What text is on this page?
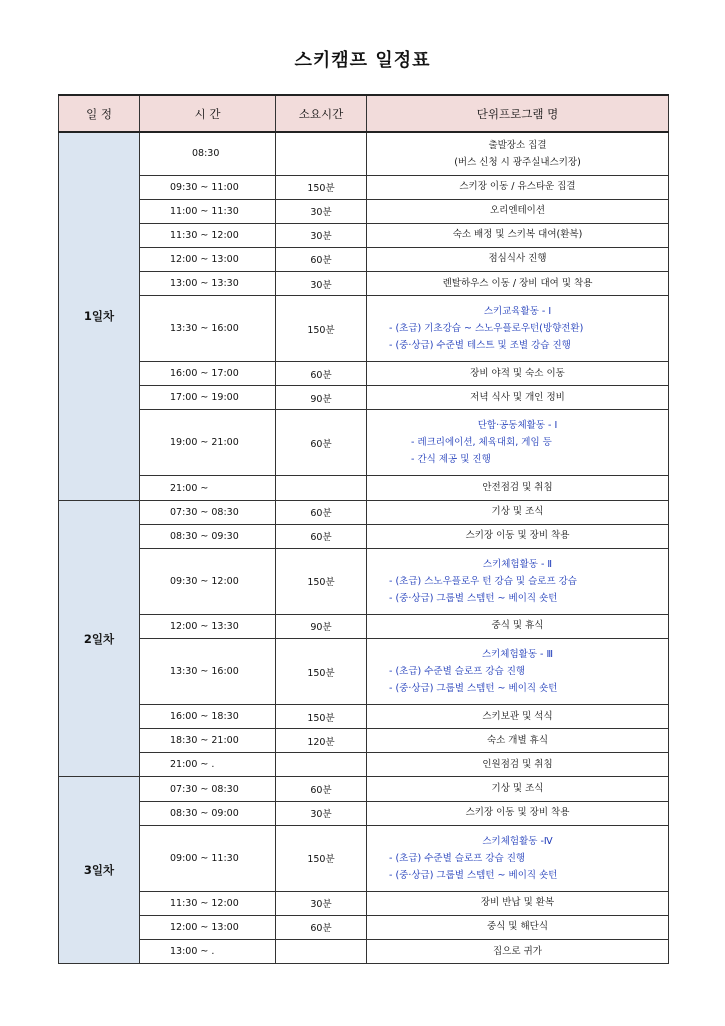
스키캠프 일정표
일 정	시 간	소요시간	단위프로그램 명
1일차	08:30		출발장소 집결
(버스 신청 시 광주실내스키장)

	09:30 ~ 11:00	150분	스키장 이동 / 유스타운 집결

	11:00 ~ 11:30	30분	오리엔테이션

	11:30 ~ 12:00	30분	숙소 배정 및 스키복 대여(환복)

	12:00 ~ 13:00	60분	점심식사 진행

	13:00 ~ 13:30	30분	렌탈하우스 이동 / 장비 대여 및 착용

	13:30 ~ 16:00	150분	스키교육활동 - I
- (초급) 기초강습 ~ 스노우플로우턴(방향전환)
- (중·상급) 수준별 테스트 및 조별 강습 진행

	16:00 ~ 17:00	60분	장비 야적 및 숙소 이동

	17:00 ~ 19:00	90분	저녁 식사 및 개인 정비

	19:00 ~ 21:00	60분	단합·공동체활동 - I
- 레크리에이션, 체육대회, 게임 등
- 간식 제공 및 진행

	21:00 ~		안전점검 및 취침

2일차	07:30 ~ 08:30	60분	기상 및 조식

	08:30 ~ 09:30	60분	스키장 이동 및 장비 착용

	09:30 ~ 12:00	150분	스키체험활동 - Ⅱ
- (초급) 스노우플로우 턴 강습 및 슬로프 강습
- (중·상급) 그룹별 스템턴 ~ 베이직 숏턴

	12:00 ~ 13:30	90분	중식 및 휴식

	13:30 ~ 16:00	150분	스키체험활동 - Ⅲ
- (초급) 수준별 슬로프 강습 진행
- (중·상급) 그룹별 스템턴 ~ 베이직 숏턴

	16:00 ~ 18:30	150분	스키보관 및 석식

	18:30 ~ 21:00	120분	숙소 개별 휴식

	21:00 ~ .		인원점검 및 취침

3일차	07:30 ~ 08:30	60분	기상 및 조식

	08:30 ~ 09:00	30분	스키장 이동 및 장비 착용

	09:00 ~ 11:30	150분	스키체험활동 -Ⅳ
- (초급) 수준별 슬로프 강습 진행
- (중·상급) 그룹별 스템턴 ~ 베이직 숏턴

	11:30 ~ 12:00	30분	장비 반납 및 환복

	12:00 ~ 13:00	60분	중식 및 해단식

	13:00 ~ .		집으로 귀가
